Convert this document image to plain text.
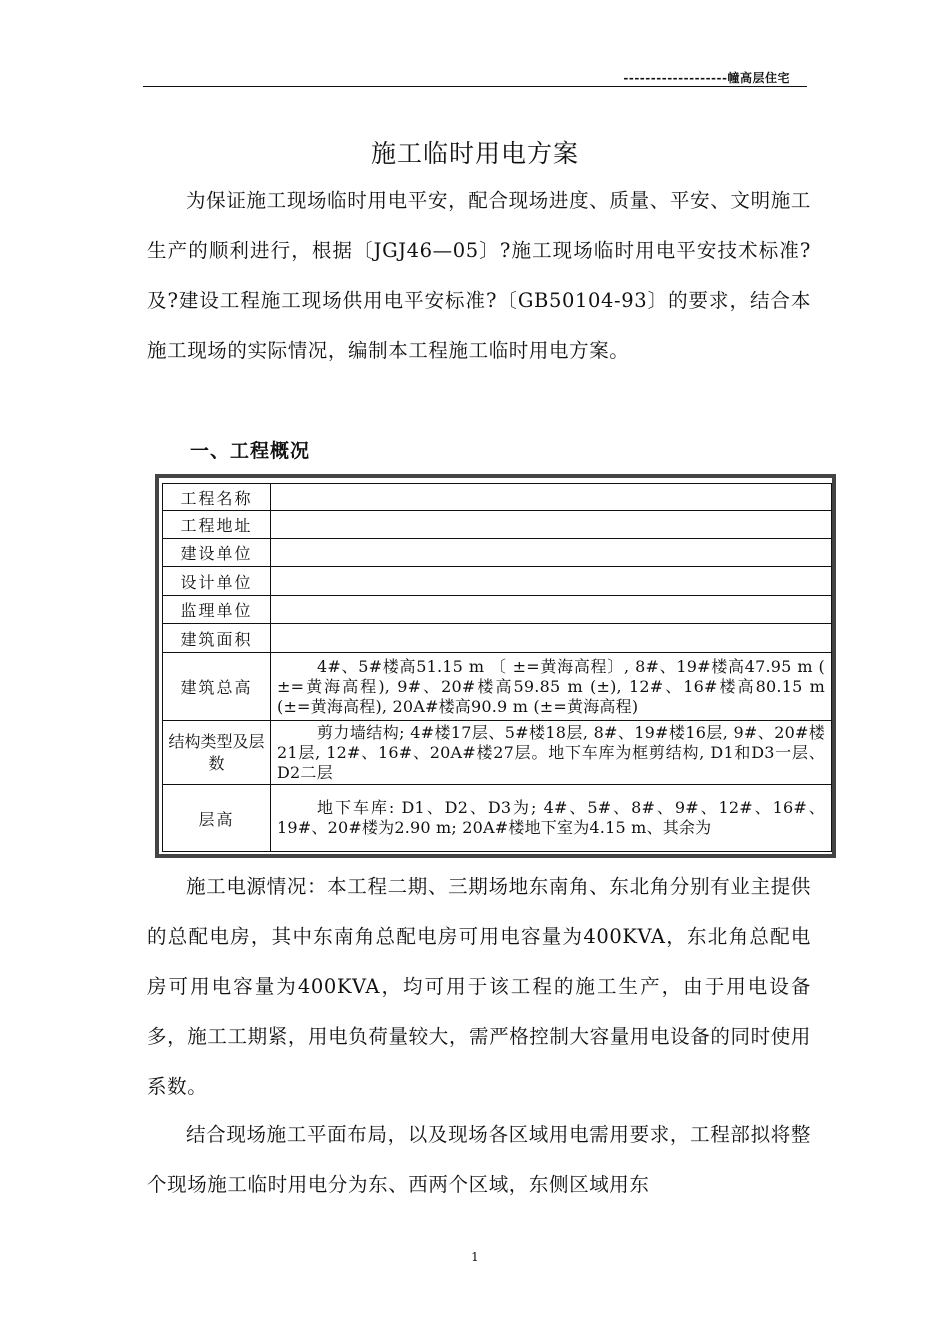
-------------------幢高层住宅
施工临时用电方案

为保证施工现场临时用电平安，配合现场进度、质量、平安、文明施工生产的顺利进行，根据〔JGJ46—05〕?施工现场临时用电平安技术标准?及?建设工程施工现场供用电平安标准?〔GB50104-93〕的要求，结合本施工现场的实际情况，编制本工程施工临时用电方案。

一、工程概况
工程名称	
工程地址	
建设单位	
设计单位	
监理单位	
建筑面积	
建筑总高	4#、5#楼高51.15 m 〔 ±=黄海高程〕, 8#、19#楼高47.95 m ( ±=黄海高程), 9#、20#楼高59.85 m (±), 12#、16#楼高80.15 m (±=黄海高程), 20A#楼高90.9 m (±=黄海高程)
结构类型及层数	剪力墙结构; 4#楼17层、5#楼18层, 8#、19#楼16层, 9#、20#楼21层, 12#、16#、20A#楼27层。地下车库为框剪结构, D1和D3一层、D2二层
层高	地下车库: D1、D2、D3为; 4#、5#、8#、9#、12#、16#、19#、20#楼为2.90 m; 20A#楼地下室为4.15 m、其余为

施工电源情况：本工程二期、三期场地东南角、东北角分别有业主提供的总配电房，其中东南角总配电房可用电容量为400KVA，东北角总配电房可用电容量为400KVA，均可用于该工程的施工生产，由于用电设备多，施工工期紧，用电负荷量较大，需严格控制大容量用电设备的同时使用系数。

结合现场施工平面布局，以及现场各区域用电需用要求，工程部拟将整个现场施工临时用电分为东、西两个区域，东侧区域用东

1
